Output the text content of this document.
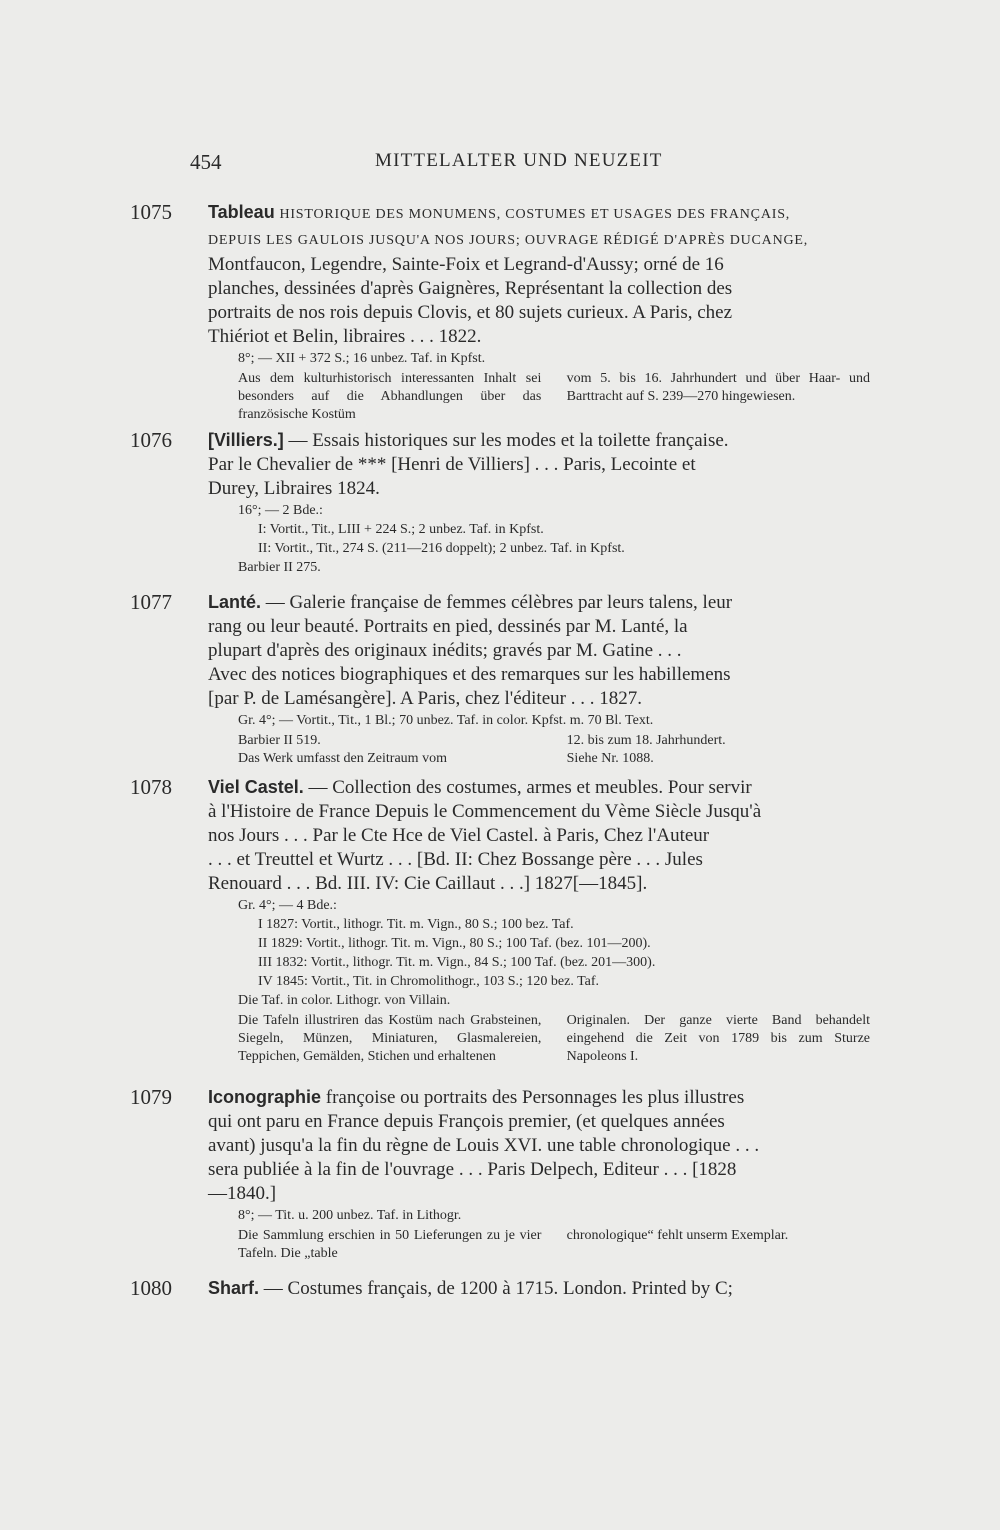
454	MITTELALTER UND NEUZEIT
1075	Tableau HISTORIQUE DES MONUMENS, COSTUMES ET USAGES DES FRANÇAIS,
DEPUIS LES GAULOIS JUSQU'A NOS JOURS; OUVRAGE RÉDIGÉ D'APRÈS DUCANGE,
Montfaucon, Legendre, Sainte-Foix et Legrand-d'Aussy; orné de 16
planches, dessinées d'après Gaignères, Représentant la collection des
portraits de nos rois depuis Clovis, et 80 sujets curieux. A Paris, chez
Thiériot et Belin, libraires . . . 1822.
8°; — XII + 372 S.; 16 unbez. Taf. in Kpfst.
Aus dem kulturhistorisch interessanten Inhalt sei besonders auf die Abhandlungen über das französische Kostüm
vom 5. bis 16. Jahrhundert und über Haar- und Barttracht auf S. 239—270 hingewiesen.
1076	[Villiers.] — Essais historiques sur les modes et la toilette française.
Par le Chevalier de *** [Henri de Villiers] . . . Paris, Lecointe et
Durey, Libraires 1824.
16°; — 2 Bde.:
I: Vortit., Tit., LIII + 224 S.; 2 unbez. Taf. in Kpfst.
II: Vortit., Tit., 274 S. (211—216 doppelt); 2 unbez. Taf. in Kpfst.
Barbier II 275.
1077	Lanté. — Galerie française de femmes célèbres par leurs talens, leur
rang ou leur beauté. Portraits en pied, dessinés par M. Lanté, la
plupart d'après des originaux inédits; gravés par M. Gatine . . .
Avec des notices biographiques et des remarques sur les habillemens
[par P. de Lamésangère]. A Paris, chez l'éditeur . . . 1827.
Gr. 4°; — Vortit., Tit., 1 Bl.; 70 unbez. Taf. in color. Kpfst. m. 70 Bl. Text.
Barbier II 519.
Das Werk umfasst den Zeitraum vom
12. bis zum 18. Jahrhundert.
Siehe Nr. 1088.
1078	Viel Castel. — Collection des costumes, armes et meubles. Pour servir
à l'Histoire de France Depuis le Commencement du Vème Siècle Jusqu'à
nos Jours . . . Par le Cte Hce de Viel Castel. à Paris, Chez l'Auteur
. . . et Treuttel et Wurtz . . . [Bd. II: Chez Bossange père . . . Jules
Renouard . . . Bd. III. IV: Cie Caillaut . . .] 1827[—1845].
Gr. 4°; — 4 Bde.:
I 1827: Vortit., lithogr. Tit. m. Vign., 80 S.; 100 bez. Taf.
II 1829: Vortit., lithogr. Tit. m. Vign., 80 S.; 100 Taf. (bez. 101—200).
III 1832: Vortit., lithogr. Tit. m. Vign., 84 S.; 100 Taf. (bez. 201—300).
IV 1845: Vortit., Tit. in Chromolithogr., 103 S.; 120 bez. Taf.
Die Taf. in color. Lithogr. von Villain.
Die Tafeln illustriren das Kostüm nach Grabsteinen, Siegeln, Münzen, Miniaturen, Glasmalereien, Teppichen, Gemälden, Stichen und erhaltenen
Originalen. Der ganze vierte Band behandelt eingehend die Zeit von 1789 bis zum Sturze Napoleons I.
1079	Iconographie françoise ou portraits des Personnages les plus illustres
qui ont paru en France depuis François premier, (et quelques années
avant) jusqu'a la fin du règne de Louis XVI. une table chronologique . . .
sera publiée à la fin de l'ouvrage . . . Paris Delpech, Editeur . . . [1828
—1840.]
8°; — Tit. u. 200 unbez. Taf. in Lithogr.
Die Sammlung erschien in 50 Lieferungen zu je vier Tafeln. Die „table
chronologique“ fehlt unserm Exemplar.
1080	Sharf. — Costumes français, de 1200 à 1715. London. Printed by C;
